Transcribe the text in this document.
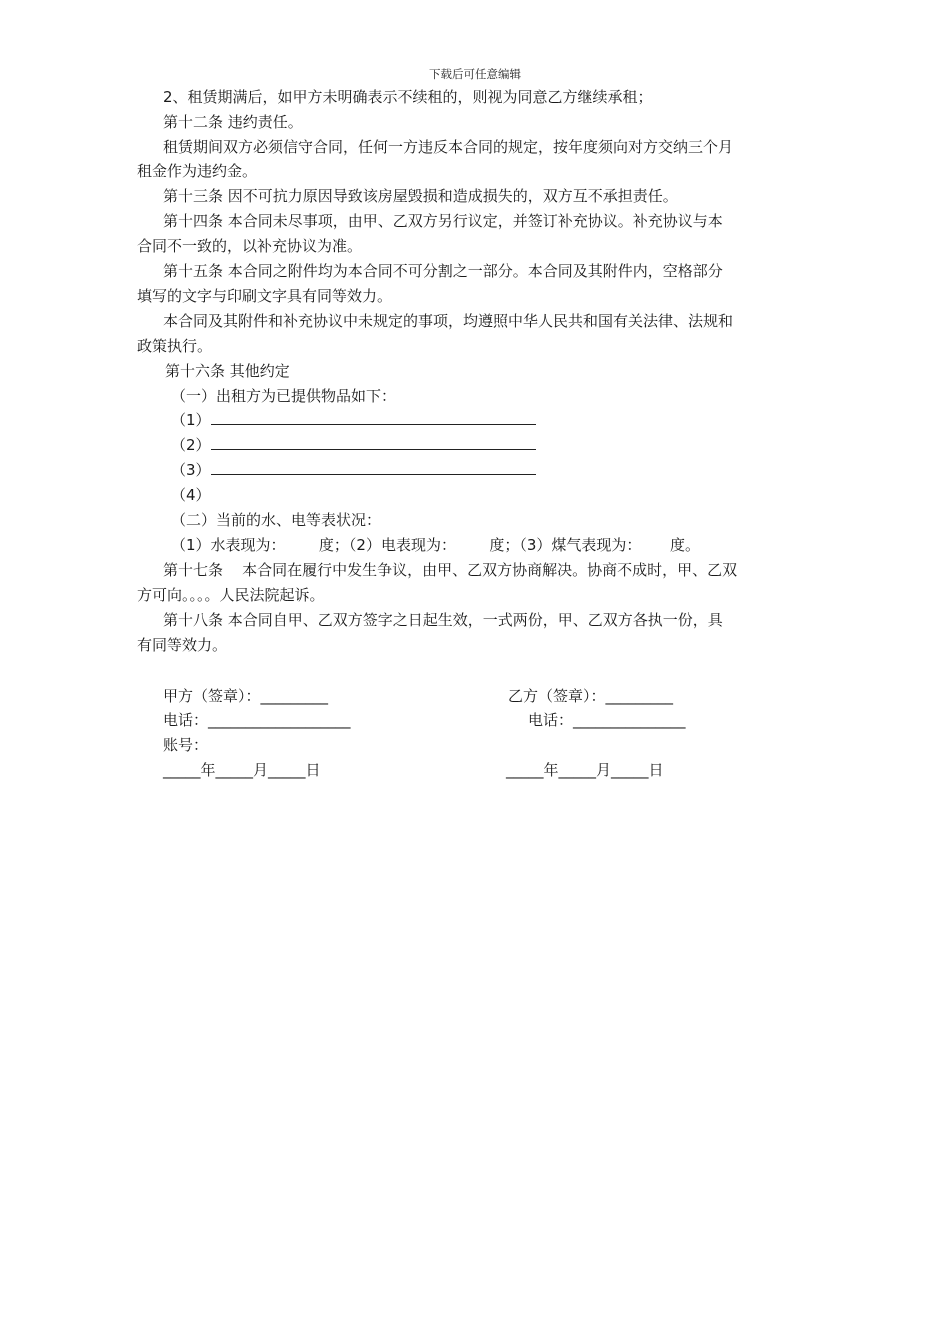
下载后可任意编辑
2、租赁期满后，如甲方未明确表示不续租的，则视为同意乙方继续承租；
第十二条 违约责任。
租赁期间双方必须信守合同，任何一方违反本合同的规定，按年度须向对方交纳三个月
租金作为违约金。
第十三条 因不可抗力原因导致该房屋毁损和造成损失的，双方互不承担责任。
第十四条 本合同未尽事项，由甲、乙双方另行议定，并签订补充协议。补充协议与本
合同不一致的，以补充协议为准。
第十五条 本合同之附件均为本合同不可分割之一部分。本合同及其附件内，空格部分
填写的文字与印刷文字具有同等效力。
本合同及其附件和补充协议中未规定的事项，均遵照中华人民共和国有关法律、法规和
政策执行。
第十六条 其他约定
（一）出租方为已提供物品如下：
（1）
（2）
（3）
（4）
（二）当前的水、电等表状况：
（1）水表现为：       度；（2）电表现为：       度；（3）煤气表现为：      度。
第十七条    本合同在履行中发生争议，由甲、乙双方协商解决。协商不成时，甲、乙双
方可向。。。。人民法院起诉。
第十八条 本合同自甲、乙双方签字之日起生效，一式两份，甲、乙双方各执一份，具
有同等效力。
甲方（签章）：_________	乙方（签章）：_________
电话：___________________	电话：_______________
账号：
_____年_____月_____日	_____年_____月_____日
